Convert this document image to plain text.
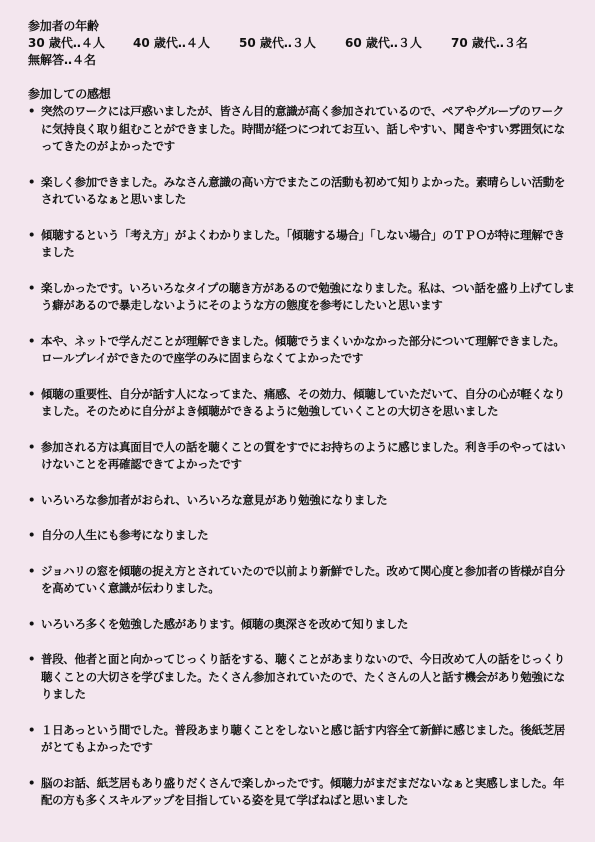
参加者の年齢
30 歳代‥４人	40 歳代‥４人	50 歳代‥３人	60 歳代‥３人	70 歳代‥３名
無解答‥４名
参加しての感想
• 突然のワークには戸惑いましたが、皆さん目的意識が高く参加されているので、ペアやグループのワークに気持良く取り組むことができました。時間が経つにつれてお互い、話しやすい、聞きやすい雰囲気になってきたのがよかったです
• 楽しく参加できました。みなさん意識の高い方でまたこの活動も初めて知りよかった。素晴らしい活動をされているなぁと思いました
• 傾聴するという「考え方」がよくわかりました。「傾聴する場合」「しない場合」のＴＰＯが特に理解できました
• 楽しかったです。いろいろなタイプの聴き方があるので勉強になりました。私は、つい話を盛り上げてしまう癖があるので暴走しないようにそのような方の態度を参考にしたいと思います
• 本や、ネットで学んだことが理解できました。傾聴でうまくいかなかった部分について理解できました。ロールプレイができたので座学のみに固まらなくてよかったです
• 傾聴の重要性、自分が話す人になってまた、痛感、その効力、傾聴していただいて、自分の心が軽くなりました。そのために自分がよき傾聴ができるように勉強していくことの大切さを思いました
• 参加される方は真面目で人の話を聴くことの質をすでにお持ちのように感じました。利き手のやってはいけないことを再確認できてよかったです
• いろいろな参加者がおられ、いろいろな意見があり勉強になりました
• 自分の人生にも参考になりました
• ジョハリの窓を傾聴の捉え方とされていたので以前より新鮮でした。改めて関心度と参加者の皆様が自分を高めていく意識が伝わりました。
• いろいろ多くを勉強した感があります。傾聴の奥深さを改めて知りました
• 普段、他者と面と向かってじっくり話をする、聴くことがあまりないので、今日改めて人の話をじっくり聴くことの大切さを学びました。たくさん参加されていたので、たくさんの人と話す機会があり勉強になりました
• １日あっという間でした。普段あまり聴くことをしないと感じ話す内容全て新鮮に感じました。後紙芝居がとてもよかったです
• 脳のお話、紙芝居もあり盛りだくさんで楽しかったです。傾聴力がまだまだないなぁと実感しました。年配の方も多くスキルアップを目指している姿を見て学ばねばと思いました
